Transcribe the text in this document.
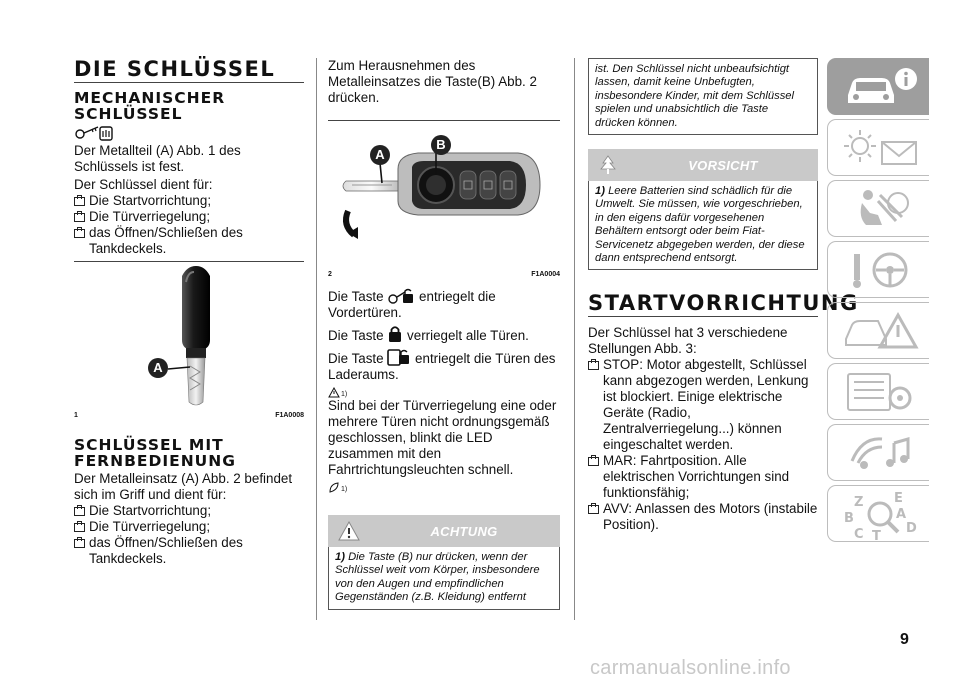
DIE SCHLÜSSEL
MECHANISCHER SCHLÜSSEL

Der Metallteil (A) Abb. 1 des Schlüssels ist fest.

Der Schlüssel dient für:

Die Startvorrichtung;
Die Türverriegelung;
das Öffnen/Schließen des Tankdeckels.
A
1	F1A0008
SCHLÜSSEL MIT FERNBEDIENUNG

Der Metalleinsatz (A) Abb. 2 befindet sich im Griff und dient für:

Die Startvorrichtung;
Die Türverriegelung;
das Öffnen/Schließen des Tankdeckels.

Zum Herausnehmen des Metalleinsatzes die Taste(B) Abb. 2 drücken.

A
B
2	F1A0004

Die Taste	entriegelt die Vordertüren.

Die Taste verriegelt alle Türen.

Die Taste entriegelt die Türen des Laderaums.

1)

Sind bei der Türverriegelung eine oder mehrere Türen nicht ordnungsgemäß geschlossen, blinkt die LED zusammen mit den Fahrtrichtungsleuchten schnell.

1)
ACHTUNG
1) Die Taste (B) nur drücken, wenn der Schlüssel weit vom Körper, insbesondere von den Augen und empfindlichen Gegenständen (z.B. Kleidung) entfernt
ist. Den Schlüssel nicht unbeaufsichtigt lassen, damit keine Unbefugten, insbesondere Kinder, mit dem Schlüssel spielen und unabsichtlich die Taste drücken können.
VORSICHT
1) Leere Batterien sind schädlich für die Umwelt. Sie müssen, wie vorgeschrieben, in den eigens dafür vorgesehenen Behältern entsorgt oder beim Fiat-Servicenetz abgegeben werden, der diese dann entsprechend entsorgt.
STARTVORRICHTUNG

Der Schlüssel hat 3 verschiedene Stellungen Abb. 3:

STOP: Motor abgestellt, Schlüssel kann abgezogen werden, Lenkung ist blockiert. Einige elektrische Geräte (Radio, Zentralverriegelung...) können eingeschaltet werden.
MAR: Fahrtposition. Alle elektrischen Vorrichtungen sind funktionsfähig;
AVV: Anlassen des Motors (instabile Position).
Z E
B	A
C T
D
9
carmanualsonline.info
